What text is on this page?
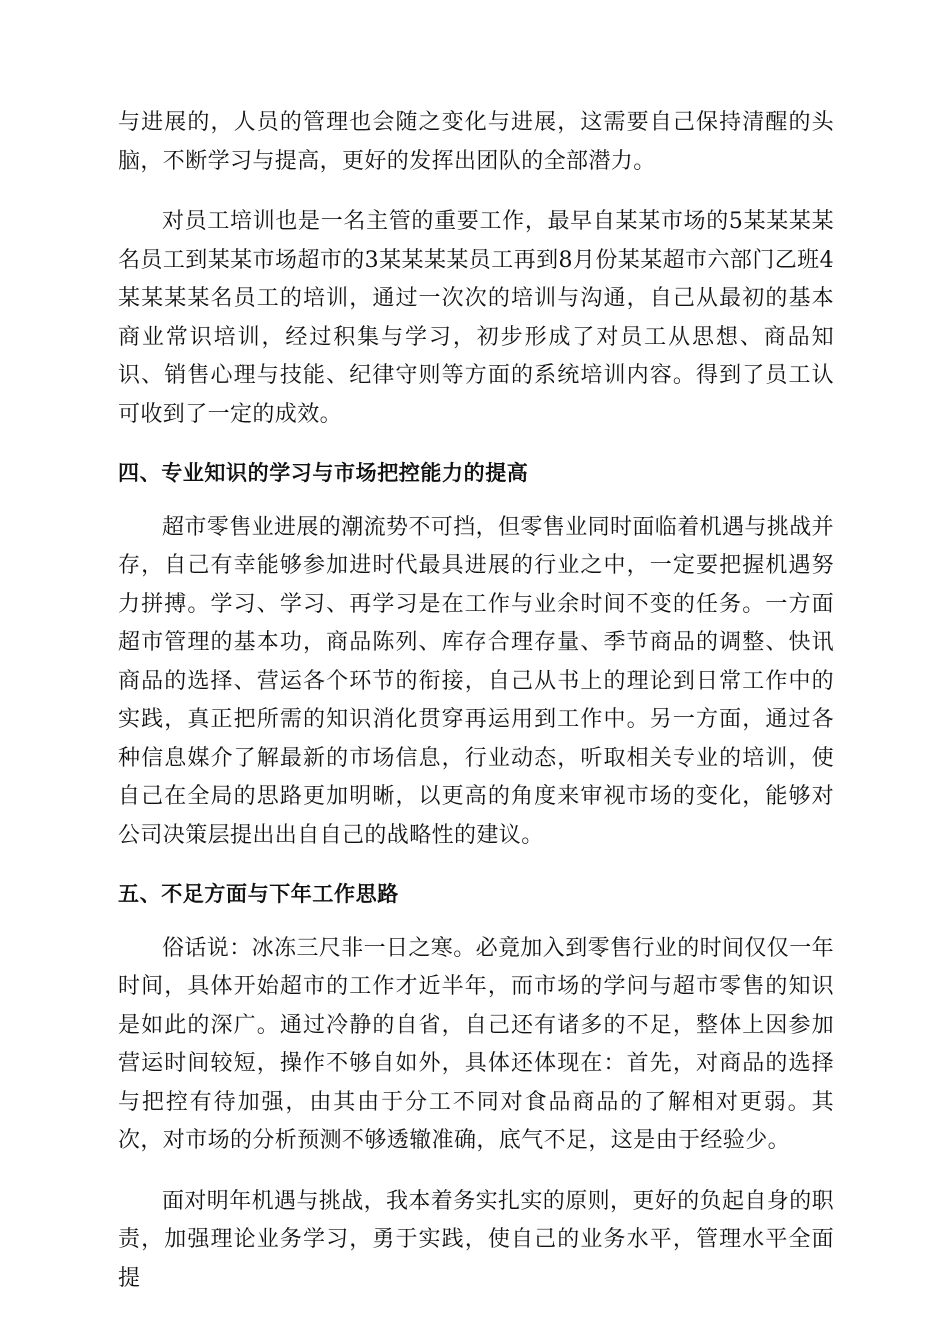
与进展的，人员的管理也会随之变化与进展，这需要自己保持清醒的头脑，不断学习与提高，更好的发挥出团队的全部潜力。

对员工培训也是一名主管的重要工作，最早自某某市场的5某某某某名员工到某某市场超市的3某某某某员工再到8月份某某超市六部门乙班4某某某某名员工的培训，通过一次次的培训与沟通，自己从最初的基本商业常识培训，经过积集与学习，初步形成了对员工从思想、商品知识、销售心理与技能、纪律守则等方面的系统培训内容。得到了员工认可收到了一定的成效。

四、专业知识的学习与市场把控能力的提高

超市零售业进展的潮流势不可挡，但零售业同时面临着机遇与挑战并存，自己有幸能够参加进时代最具进展的行业之中，一定要把握机遇努力拼搏。学习、学习、再学习是在工作与业余时间不变的任务。一方面超市管理的基本功，商品陈列、库存合理存量、季节商品的调整、快讯商品的选择、营运各个环节的衔接，自己从书上的理论到日常工作中的实践，真正把所需的知识消化贯穿再运用到工作中。另一方面，通过各种信息媒介了解最新的市场信息，行业动态，听取相关专业的培训，使自己在全局的思路更加明晰，以更高的角度来审视市场的变化，能够对公司决策层提出出自自己的战略性的建议。

五、不足方面与下年工作思路

俗话说：冰冻三尺非一日之寒。必竟加入到零售行业的时间仅仅一年时间，具体开始超市的工作才近半年，而市场的学问与超市零售的知识是如此的深广。通过冷静的自省，自己还有诸多的不足，整体上因参加营运时间较短，操作不够自如外，具体还体现在：首先，对商品的选择与把控有待加强，由其由于分工不同对食品商品的了解相对更弱。其次，对市场的分析预测不够透辙准确，底气不足，这是由于经验少。

面对明年机遇与挑战，我本着务实扎实的原则，更好的负起自身的职责，加强理论业务学习，勇于实践，使自己的业务水平，管理水平全面提
